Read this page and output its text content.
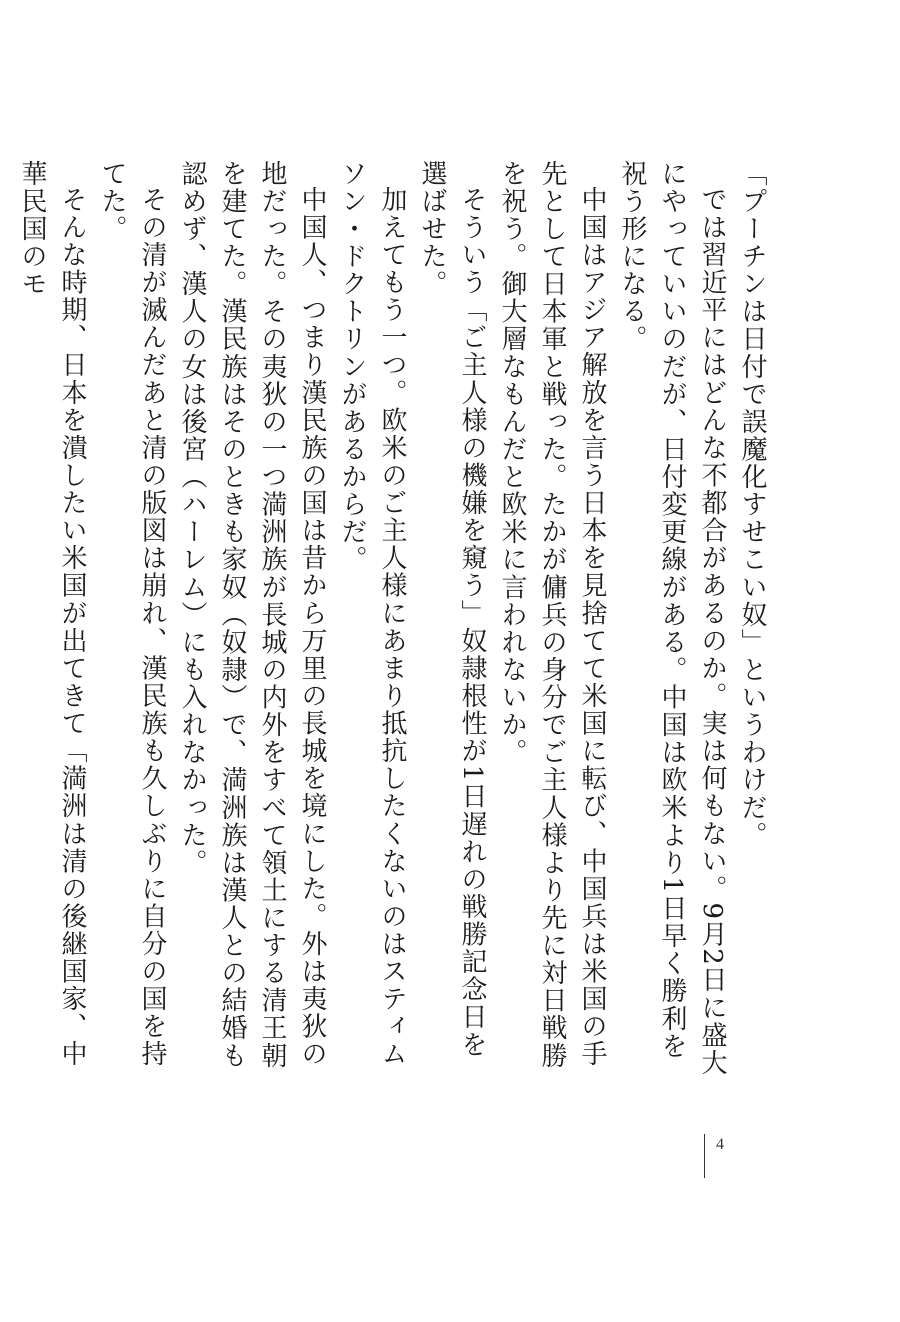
「プーチンは日付で誤魔化すせこい奴」というわけだ。

では習近平にはどんな不都合があるのか。実は何もない。9月2日に盛大にやっていいのだが、日付変更線がある。中国は欧米より1日早く勝利を祝う形になる。

中国はアジア解放を言う日本を見捨てて米国に転び、中国兵は米国の手先として日本軍と戦った。たかが傭兵の身分でご主人様より先に対日戦勝を祝う。御大層なもんだと欧米に言われないか。

そういう「ご主人様の機嫌を窺う」奴隷根性が1日遅れの戦勝記念日を選ばせた。

加えてもう一つ。欧米のご主人様にあまり抵抗したくないのはスティムソン・ドクトリンがあるからだ。

中国人、つまり漢民族の国は昔から万里の長城を境にした。外は夷狄の地だった。その夷狄の一つ満洲族が長城の内外をすべて領土にする清王朝を建てた。漢民族はそのときも家奴（奴隷）で、満洲族は漢人との結婚も認めず、漢人の女は後宮（ハーレム）にも入れなかった。

その清が滅んだあと清の版図は崩れ、漢民族も久しぶりに自分の国を持てた。

そんな時期、日本を潰したい米国が出てきて「満洲は清の後継国家、中華民国のモ

4
